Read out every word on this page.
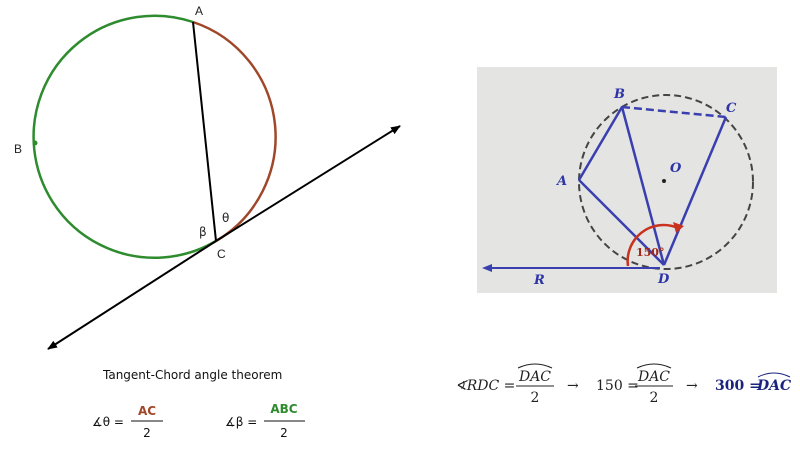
A
B
C
θ
β
Tangent-Chord angle theorem
∡θ =
AC
2
∡β =
ABC
2
A
B
C
D
O
R
150°
∢RDC =
DAC
2
→ 150 =
DAC
2
→ 300 =
DAC
